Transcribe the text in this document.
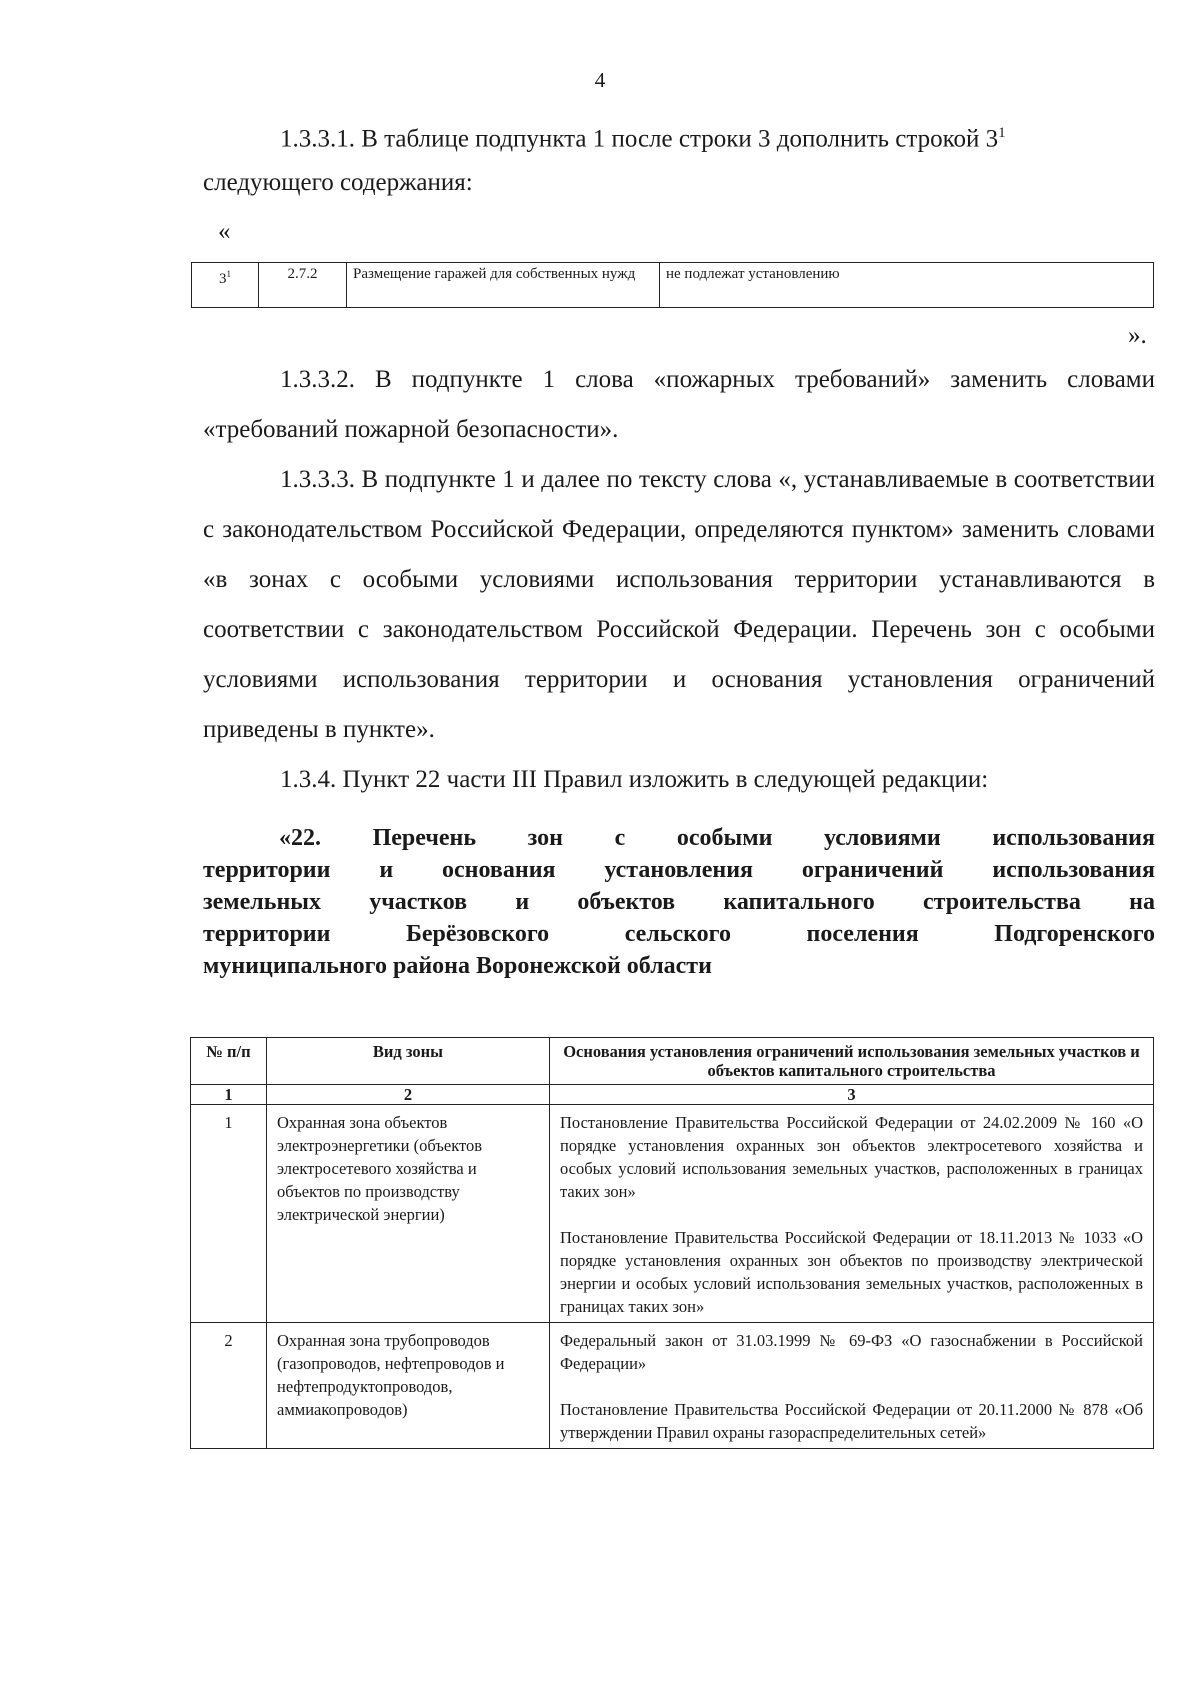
4

1.3.3.1. В таблице подпункта 1 после строки 3 дополнить строкой $3^1$

следующего содержания:

«
$3^1$	2.7.2	Размещение гаражей для собственных нужд	не подлежат установлению
».

1.3.3.2. В подпункте 1 слова «пожарных требований» заменить словами «требований пожарной безопасности».

1.3.3.3. В подпункте 1 и далее по тексту слова «, устанавливаемые в соответствии с законодательством Российской Федерации, определяются пунктом» заменить словами «в зонах с особыми условиями использования территории устанавливаются в соответствии с законодательством Российской Федерации. Перечень зон с особыми условиями использования территории и основания установления ограничений приведены в пункте».

1.3.4. Пункт 22 части III Правил изложить в следующей редакции:

«22. Перечень зон с особыми условиями использования
территории и основания установления ограничений использования
земельных участков и объектов капитального строительства на
территории Берёзовского сельского поселения Подгоренского
муниципального района Воронежской области
№ п/п	Вид зоны	Основания установления ограничений использования земельных участков и объектов капитального строительства
1	2	3
1	Охранная зона объектов электроэнергетики (объектов электросетевого хозяйства и объектов по производству электрической энергии)	Постановление Правительства Российской Федерации от 24.02.2009 № 160 «О порядке установления охранных зон объектов электросетевого хозяйства и особых условий использования земельных участков, расположенных в границах таких зон»
Постановление Правительства Российской Федерации от 18.11.2013 № 1033 «О порядке установления охранных зон объектов по производству электрической энергии и особых условий использования земельных участков, расположенных в границах таких зон»

2	Охранная зона трубопроводов (газопроводов, нефтепроводов и нефтепродуктопроводов, аммиакопроводов)	Федеральный закон от 31.03.1999 № 69-ФЗ «О газоснабжении в Российской Федерации»
Постановление Правительства Российской Федерации от 20.11.2000 № 878 «Об утверждении Правил охраны газораспределительных сетей»
